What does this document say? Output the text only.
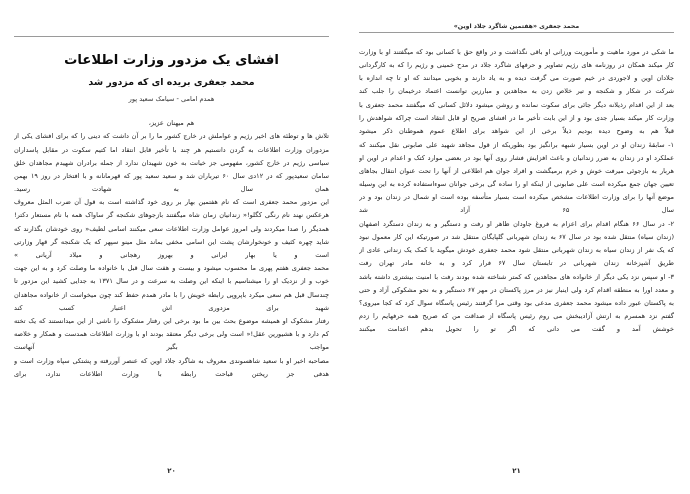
محمد جعفری «هفتمین شاگرد جلاد اوین»

ما شکی در مورد ماهیت و مأموریت ورزانی او باقی نگذاشت و در واقع حق با کسانی بود که میگفتند او با وزارت کار میکند همکان در روزنامه های رژیم تصاویر و حرفهای شاگرد جلاد در مدح خمینی و رژیم را که به کارگردانی جلادان اوین و لاجوردی در خیم صورت می گرفت دیده و به یاد دارند و بخوبی میدانند که او تا چه اندازه با شرکت در شکار و شکنجه و تیر خلاص زدن به مجاهدین و مبارزین توانست اعتماد درخیمان را جلب کند

بعد از این اقدام رذیلانه دیگر جائی برای سکوت نمانده و روشن میشود دلائل کسانی که میگفتند محمد جعفری با وزارت کار میکند بسیار جدی بود و از این بابت تأخیر ما در افشای صریح او قابل انتقاد است چراکه شواهدش را قبلاً هم به وضوح دیده بودیم ذیلاً برخی از این شواهد برای اطلاع عموم هموطنان ذکر میشود

۱- سابقۀ زندان او در اوین بسیار شبهه برانگیز بود بطوریکه از قول مجاهد شهید علی صابونی نقل میکنند که عملکرد او در زندان به ضرر زندانیان و باعث افزایش فشار روی آنها بود در بعضی موارد کتک و اعدام در اوین او هربار به بازجوئی میرفت خوش و خرم برمیگشت و افراد جوان هم اطلاعی از آنها را تحت عنوان انتقال بجاهای تعیین جهان جمع میکرده است علی صابونی از اینکه او را ساده گی برخی جوانان سوءاستفاده کرده به این وسیله موضع آنها را برای وزارت اطلاعات مشخص میکرده است بسیار متأسفه بوده است او شمال در زندان بود و در سال ۶۵ آزاد شد

۲- در سال ۶۶ هنگام اقدام برای اعزام به فروغ جاودان ظاهر او رفت و دستگیر و به زندان دستگرد اصفهان (زندان سیاه) منتقل شده بود در سال ۶۷ به زندان شهربانی گلپایگان منتقل شد در صورتیکه این کار معمول نبود که یک نفر از زندان سیاه به زندان شهربانی منتقل شود محمد جعفری خودش میگوید با کمک یک زندانی عادی از طریق آشپزخانه زندان شهربانی در تابستان سال ۶۷ فرار کرد و به خانه مادر تهران رفت

۳- او سپس نزد یکی دیگر از خانواده های مجاهدین که کمتر شناخته شده بودند رفت با امنیت بیشتری داشته باشد و معدد اورا به منطقه اقدام کرد ولی اینبار نیز در مرز پاکستان در مهر ۶۷ دستگیر و به نحو مشکوکی آزاد و حتی به پاکستان عبور داده میشود محمد جعفری مدعی بود وقتی مرا گرفتند رئیس پاسگاه سوال کرد که کجا میروی؟ گفتم نزد همسرم به ارتش آزادیبخش می روم رئیس پاسگاه از صداقت من که صریح همه حرفهایم را زدم خوشش آمد و گفت می دانی که اگر تو را تحویل بدهم اعدامت میکنند

۲۱
افشای یک مزدور وزارت اطلاعات
محمد جعفری بریده ای که مزدور شد
همدم امامی - سیامک سعید پور

هم میهنان عزیز،

تلاش ها و توطئه های اخیر رژیم و عواملش در خارج کشور ما را بر آن داشت که دینی را که برای افشای یکی از مزدوران وزارت اطلاعات به گردن دانستیم هر چند با تأخیر قابل انتقاد اما کتیم سکوت در مقابل پاسداران سیاسی رژیم در خارج کشور، مفهومی جز خیانت به خون شهیدان ندارد از جمله برادران شهیدم مجاهدان خلق سامان سعیدپور که در ۱۲دی سال ۶۰ تیرباران شد و سعید سعید پور که قهرمانانه و با افتخار در روز ۱۹ بهمن همان سال به شهادت رسید.

این مزدور محمد جعفری است که نام هفتمین بهار بر روی خود گذاشته است به قول آن ضرب المثل معروف هرعکس نهند نام رنگی کگلو!« زندانیان زمان شاه میگفتند بازجوهای شکنجه گر ساواک همه با نام مستعار دکتر! همدیگر را صدا میکردند ولی امروز عوامل وزارت اطلاعات سعی میکنند اسامی لطیف« روی خودشان بگذارند که شاید چهره کثیف و خونخوارشان پشت این اسامی مخفی بماند مثل مینو سپهر که یک شکنجه گر قهار وزارتی است و یا بهار ایرانی و بهروز رهجانی و میلاد آریانی »

محمد جعفری هفتم پهری ما محسوب میشود و بیست و هفت سال قبل با خانواده ما وصلت کرد و به این جهت خوب و از نزدیک او را میشناسیم با اینکه این وصلت به سرعت و در سال ۱۳۷۱ به جدایی کشید این مزدور تا چندسال قبل هم سعی میکرد باپروپی رابطه خویش را با مادر همدم حفظ کند چون میخواست از خانواده مجاهدان شهید برای مزدوری اش اعتبار کسب کند

رفتار مشکوک او همیشه موضوع بحث بین ما بود برخی این رفتار مشکوک را ناشی از این میدانستند که یک تخته کم دارد و با هشیورین عقل!« است ولی برخی دیگر معتقد بودند او با وزارت اطلاعات همدست و همکار و خلاصه مواجب بگیر آنهاست

مصاحبه اخیر او با سعید شاهسوندی معروف به شاگرد جلاد اوین که عنصر آوررفته و پشتکی سپاه وزارت است و هدفی جز ریختن قباحت رابطه با وزارت اطلاعات ندارد، برای

۲۰
